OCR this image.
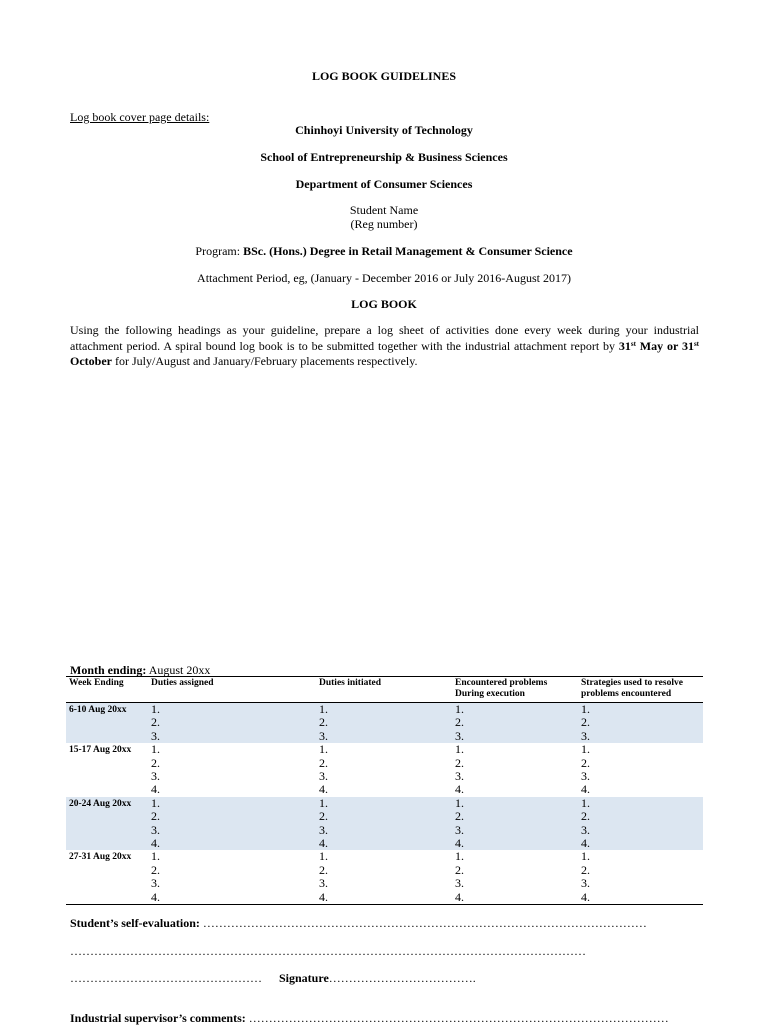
LOG BOOK GUIDELINES
Log book cover page details:
Chinhoyi University of Technology
School of Entrepreneurship & Business Sciences
Department of Consumer Sciences
Student Name
(Reg number)
Program: BSc. (Hons.) Degree in Retail Management & Consumer Science
Attachment Period, eg, (January - December 2016 or July 2016-August 2017)
LOG BOOK
Using the following headings as your guideline, prepare a log sheet of activities done every week during your industrial attachment period. A spiral bound log book is to be submitted together with the industrial attachment report by 31st May or 31st October for July/August and January/February placements respectively.
Month ending: August 20xx
Week Ending	Duties assigned	Duties initiated	Encountered problems
During execution	Strategies used to resolve problems encountered
6-10 Aug 20xx	1.
2.
3.	1.
2.
3.	1.
2.
3.	1.
2.
3.

15-17 Aug 20xx	1.
2.
3.
4.	1.
2.
3.
4.	1.
2.
3.
4.	1.
2.
3.
4.

20-24 Aug 20xx	1.
2.
3.
4.	1.
2.
3.
4.	1.
2.
3.
4.	1.
2.
3.
4.

27-31 Aug 20xx	1.
2.
3.
4.	1.
2.
3.
4.	1.
2.
3.
4.	1.
2.
3.
4.
Student’s self-evaluation: …………………………………………………………………………………………………
…………………………………………………………………………………………………………………
………………………………………… Signature……………………………….
Industrial supervisor’s comments: ……………………………………………………………………………………………
